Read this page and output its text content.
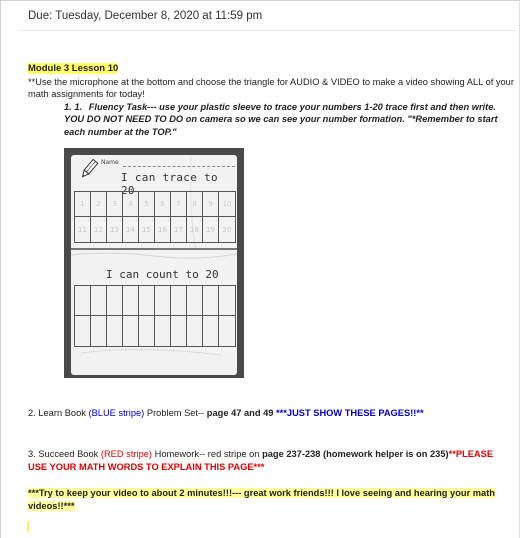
Due: Tuesday, December 8, 2020 at 11:59 pm
Module 3 Lesson 10

**Use the microphone at the bottom and choose the triangle for AUDIO & VIDEO to make a video showing ALL of your math assignments for today!

1. 1. Fluency Task--- use your plastic sleeve to trace your numbers 1-20 trace first and then write. YOU DO NOT NEED TO DO on camera so we can see your number formation. "*Remember to start each number at the TOP."

Name
I can trace to 20
1	2	3	4	5	6	7	8	9	10
11	12	13	14	15	16	17	18	19	20
I can count to 20
2. Learn Book (BLUE stripe) Problem Set-- page 47 and 49 ***JUST SHOW THESE PAGES!!**
3. Succeed Book (RED stripe) Homework-- red stripe on page 237-238 (homework helper is on 235)**PLEASE USE YOUR MATH WORDS TO EXPLAIN THIS PAGE***
***Try to keep your video to about 2 minutes!!!--- great work friends!!! I love seeing and hearing your math videos!!***
